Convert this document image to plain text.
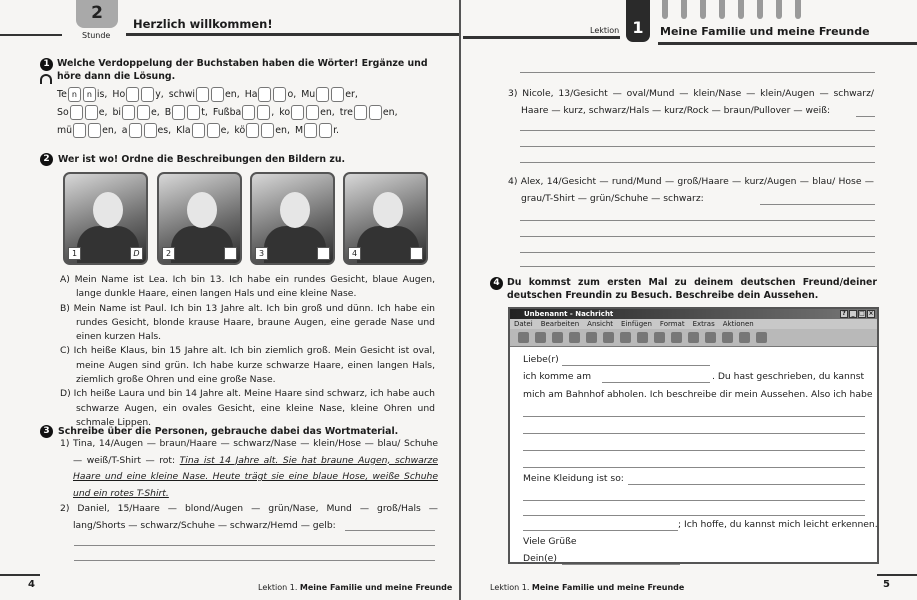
2
Stunde
Herzlich willkommen!
1 Welche Verdoppelung der Buchstaben haben die Wörter! Ergänze und höre dann die Lösung.
Te n	n is, Ho	y, schwi	en, Ha	o, Mu	er,
So	e, bi	e, B	t, Fußba	, ko	en, tre	en,
mü	en, a	es, Kla	e, kö	en, M	r.
2 Wer ist wo! Ordne die Beschreibungen den Bildern zu.
1	D	2	3	4

A) Mein Name ist Lea. Ich bin 13. Ich habe ein rundes Gesicht, blaue Augen, lange dunkle Haare, einen langen Hals und eine kleine Nase.

B) Mein Name ist Paul. Ich bin 13 Jahre alt. Ich bin groß und dünn. Ich habe ein rundes Gesicht, blonde krause Haare, braune Augen, eine gerade Nase und einen kurzen Hals.

C) Ich heiße Klaus, bin 15 Jahre alt. Ich bin ziemlich groß. Mein Gesicht ist oval, meine Augen sind grün. Ich habe kurze schwarze Haare, einen langen Hals, ziemlich große Ohren und eine große Nase.

D) Ich heiße Laura und bin 14 Jahre alt. Meine Haare sind schwarz, ich habe auch schwarze Augen, ein ovales Gesicht, eine kleine Nase, kleine Ohren und schmale Lippen.

3 Schreibe über die Personen, gebrauche dabei das Wortmaterial.

1) Tina, 14/Augen — braun/Haare — schwarz/Nase — klein/Hose — blau/ Schuhe — weiß/T-Shirt — rot: Tina ist 14 Jahre alt. Sie hat braune Augen, schwarze Haare und eine kleine Nase. Heute trägt sie eine blaue Hose, weiße Schuhe und ein rotes T-Shirt.

2) Daniel, 15/Haare — blond/Augen — grün/Nase, Mund — groß/Hals — lang/Shorts — schwarz/Schuhe — schwarz/Hemd — gelb:

4	Lektion 1. Meine Familie und meine Freunde
Lektion 1	Meine Familie und meine Freunde

3) Nicole, 13/Gesicht — oval/Mund — klein/Nase — klein/Augen — schwarz/ Haare — kurz, schwarz/Hals — kurz/Rock — braun/Pullover — weiß:

4) Alex, 14/Gesicht — rund/Mund — groß/Haare — kurz/Augen — blau/ Hose — grau/T-Shirt — grün/Schuhe — schwarz:

4 Du kommst zum ersten Mal zu deinem deutschen Freund/deiner deutschen Freundin zu Besuch. Beschreibe dein Aussehen.
Unbenannt - Nachricht	? _ □ ×
Datei Bearbeiten Ansicht Einfügen Format Extras Aktionen
Liebe(r)
ich komme am	. Du hast geschrieben, du kannst
mich am Bahnhof abholen. Ich beschreibe dir mein Aussehen. Also ich habe
Meine Kleidung ist so:
; Ich hoffe, du kannst mich leicht erkennen.
Viele Grüße
Dein(e)
5
Lektion 1. Meine Familie und meine Freunde
